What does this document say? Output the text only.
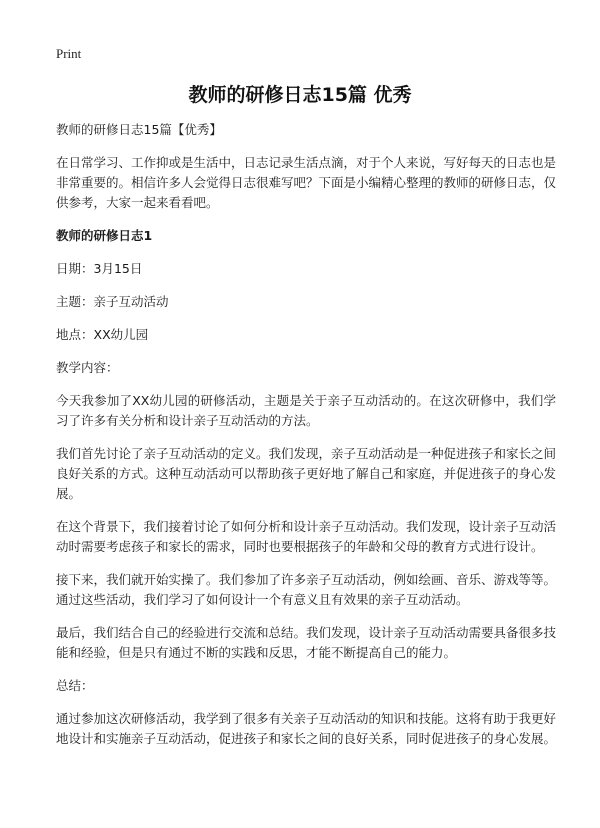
Print
教师的研修日志15篇 优秀

教师的研修日志15篇【优秀】

在日常学习、工作抑或是生活中，日志记录生活点滴，对于个人来说，写好每天的日志也是非常重要的。相信许多人会觉得日志很难写吧？下面是小编精心整理的教师的研修日志，仅供参考，大家一起来看看吧。

教师的研修日志1

日期：3月15日

主题：亲子互动活动

地点：XX幼儿园

教学内容：

今天我参加了XX幼儿园的研修活动，主题是关于亲子互动活动的。在这次研修中，我们学习了许多有关分析和设计亲子互动活动的方法。

我们首先讨论了亲子互动活动的定义。我们发现，亲子互动活动是一种促进孩子和家长之间良好关系的方式。这种互动活动可以帮助孩子更好地了解自己和家庭，并促进孩子的身心发展。

在这个背景下，我们接着讨论了如何分析和设计亲子互动活动。我们发现，设计亲子互动活动时需要考虑孩子和家长的需求，同时也要根据孩子的年龄和父母的教育方式进行设计。

接下来，我们就开始实操了。我们参加了许多亲子互动活动，例如绘画、音乐、游戏等等。通过这些活动，我们学习了如何设计一个有意义且有效果的亲子互动活动。

最后，我们结合自己的经验进行交流和总结。我们发现，设计亲子互动活动需要具备很多技能和经验，但是只有通过不断的实践和反思，才能不断提高自己的能力。

总结：

通过参加这次研修活动，我学到了很多有关亲子互动活动的知识和技能。这将有助于我更好地设计和实施亲子互动活动，促进孩子和家长之间的良好关系，同时促进孩子的身心发展。
